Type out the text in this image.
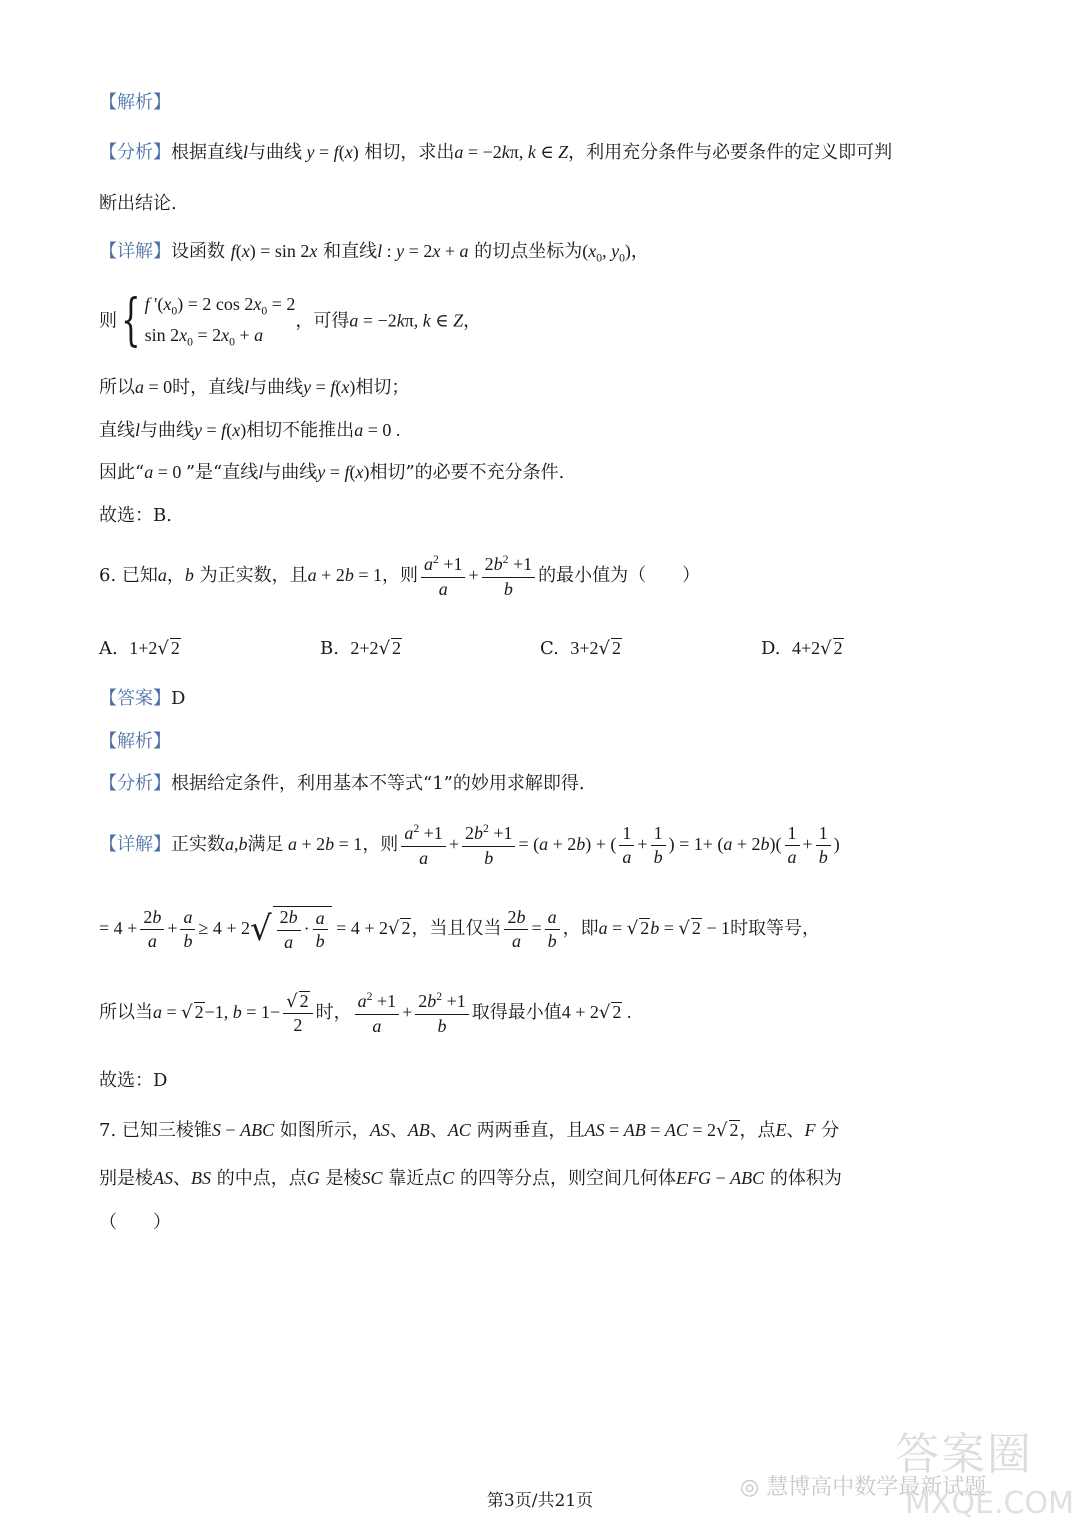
【解析】
【分析】根据直线l与曲线 y = f(x) 相切，求出a = −2kπ, k ∈ Z，利用充分条件与必要条件的定义即可判
断出结论.
【详解】设函数 f(x) = sin 2x 和直线l : y = 2x + a 的切点坐标为($x_0$, $y_0$)，
则{ f '$(x_0) = 2$ $\cos 2x_0 = 2$
$\sin 2x_0 = 2x_0 + a$
，可得a = −2kπ, k ∈ Z，
所以a = 0时，直线l与曲线y = f(x)相切；
直线l与曲线y = f(x)相切不能推出a = 0 .
因此“a = 0 ”是“直线l与曲线y = f(x)相切”的必要不充分条件.
故选：B.
6. 已知a，b 为正实数，且a + 2b = 1，则 $\frac{a^2 +1}{a} + \frac{2b^2 +1}{b}$ 的最小值为（　　）
A. 1+2√ 2	B. 2+2√ 2	C. 3+2√ 2	D. 4+2√ 2
【答案】D
【解析】
【分析】根据给定条件，利用基本不等式“1”的妙用求解即得.
【详解】正实数a,b满足 a + 2b = 1，则 $\frac{a^2 +1}{a} + \frac{2b^2 +1}{b} = (a + 2b)$ + ( $\frac{1}{a} + \frac{1}{b}$ ) = $1+ (a + 2b)( \frac{1}{a} + \frac{1}{b}$ )
= $4 + \frac{2b}{a} + \frac{a}{b} \ge 4 + 2√ \frac{2b}{a} \cdot \frac{a}{b} = 4 + 2√$ 2，当且仅当 $\frac{2b}{a} = \frac{a}{b}$ ，即a = √ 2b = √ 2 − 1时取等号，
所以当a = √ 2−1, $b = 1- \frac{√ 2}{2}$ 时， $\frac{a^2 +1}{a} + \frac{2b^2 +1}{b}$ 取得最小值4 + 2√ 2 .
故选：D
7. 已知三棱锥S − ABC 如图所示，AS、AB、AC 两两垂直，且AS = AB = AC = 2√ 2，点E、F 分
别是棱AS、BS 的中点，点G 是棱SC 靠近点C 的四等分点，则空间几何体EFG − ABC 的体积为
（　　）
答案圈
◎ 慧博高中数学最新试题
第3页/共21页	MXQE.COM
